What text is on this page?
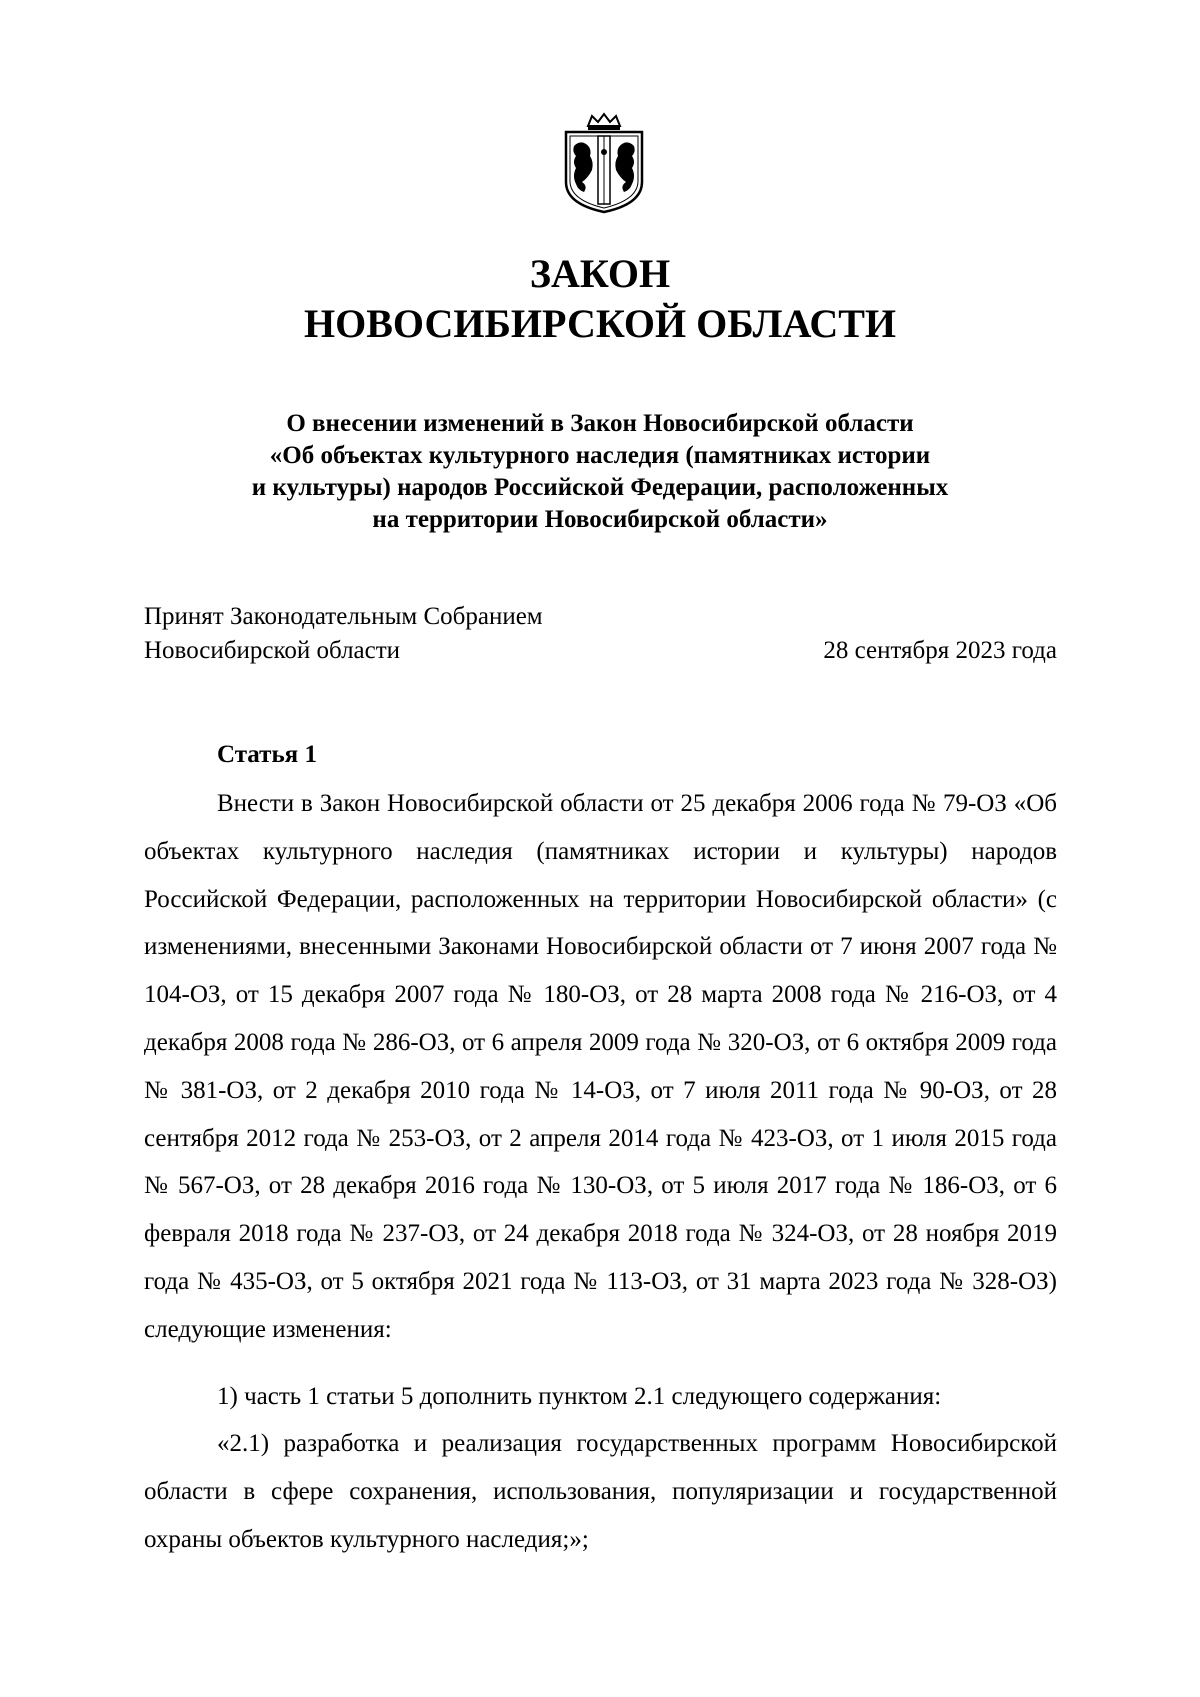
ЗАКОН
НОВОСИБИРСКОЙ ОБЛАСТИ
О внесении изменений в Закон Новосибирской области
«Об объектах культурного наследия (памятниках истории
и культуры) народов Российской Федерации, расположенных
на территории Новосибирской области»
Принят Законодательным Собранием
Новосибирской области	28 сентября 2023 года
Статья 1

Внести в Закон Новосибирской области от 25 декабря 2006 года № 79-ОЗ «Об объектах культурного наследия (памятниках истории и культуры) народов Российской Федерации, расположенных на территории Новосибирской области» (с изменениями, внесенными Законами Новосибирской области от 7 июня 2007 года № 104-ОЗ, от 15 декабря 2007 года № 180-ОЗ, от 28 марта 2008 года № 216-ОЗ, от 4 декабря 2008 года № 286-ОЗ, от 6 апреля 2009 года № 320-ОЗ, от 6 октября 2009 года № 381-ОЗ, от 2 декабря 2010 года № 14-ОЗ, от 7 июля 2011 года № 90-ОЗ, от 28 сентября 2012 года № 253-ОЗ, от 2 апреля 2014 года № 423-ОЗ, от 1 июля 2015 года № 567-ОЗ, от 28 декабря 2016 года № 130-ОЗ, от 5 июля 2017 года № 186-ОЗ, от 6 февраля 2018 года № 237-ОЗ, от 24 декабря 2018 года № 324-ОЗ, от 28 ноября 2019 года № 435-ОЗ, от 5 октября 2021 года № 113-ОЗ, от 31 марта 2023 года № 328-ОЗ) следующие изменения:

1) часть 1 статьи 5 дополнить пунктом 2.1 следующего содержания:

«2.1) разработка и реализация государственных программ Новосибирской области в сфере сохранения, использования, популяризации и государственной охраны объектов культурного наследия;»;
